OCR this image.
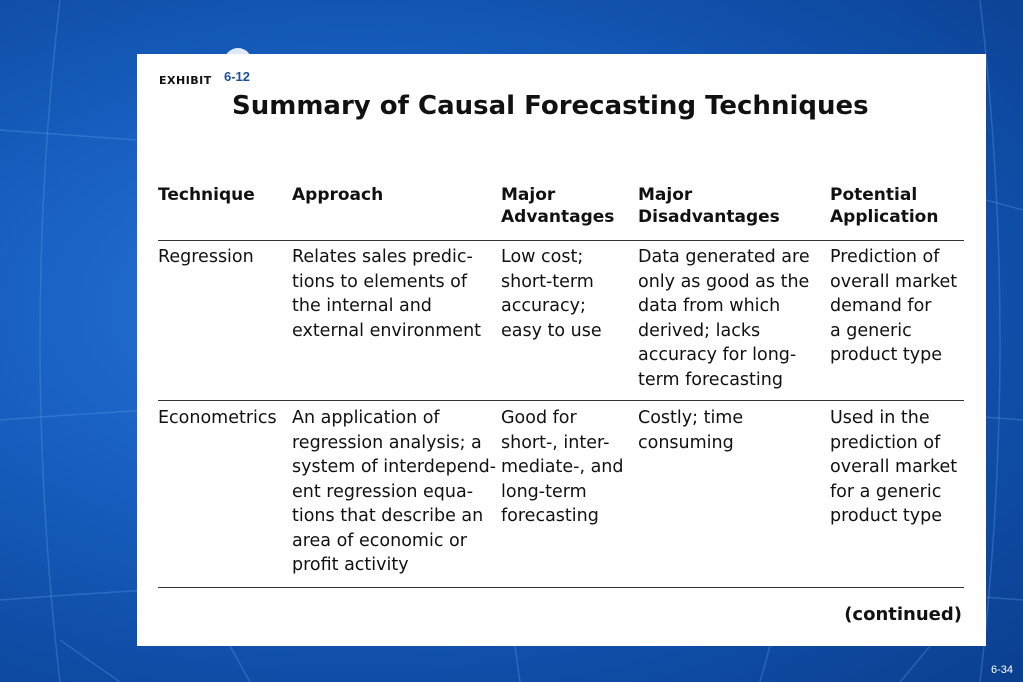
EXHIBIT 6-12
Summary of Causal Forecasting Techniques
Technique Approach	Major
Advantages
Major
Disadvantages
Potential
Application
Regression Relates sales predic-
tions to elements of
the internal and
external environment
Low cost;
short-term
accuracy;
easy to use
Data generated are
only as good as the
data from which
derived; lacks
accuracy for long-
term forecasting
Prediction of
overall market
demand for
a generic
product type
Econometrics An application of
regression analysis; a
system of interdepend-
ent regression equa-
tions that describe an
area of economic or
profit activity
Good for
short-, inter-
mediate-, and
long-term
forecasting
Costly; time
consuming
Used in the
prediction of
overall market
for a generic
product type
(continued)
6-34
